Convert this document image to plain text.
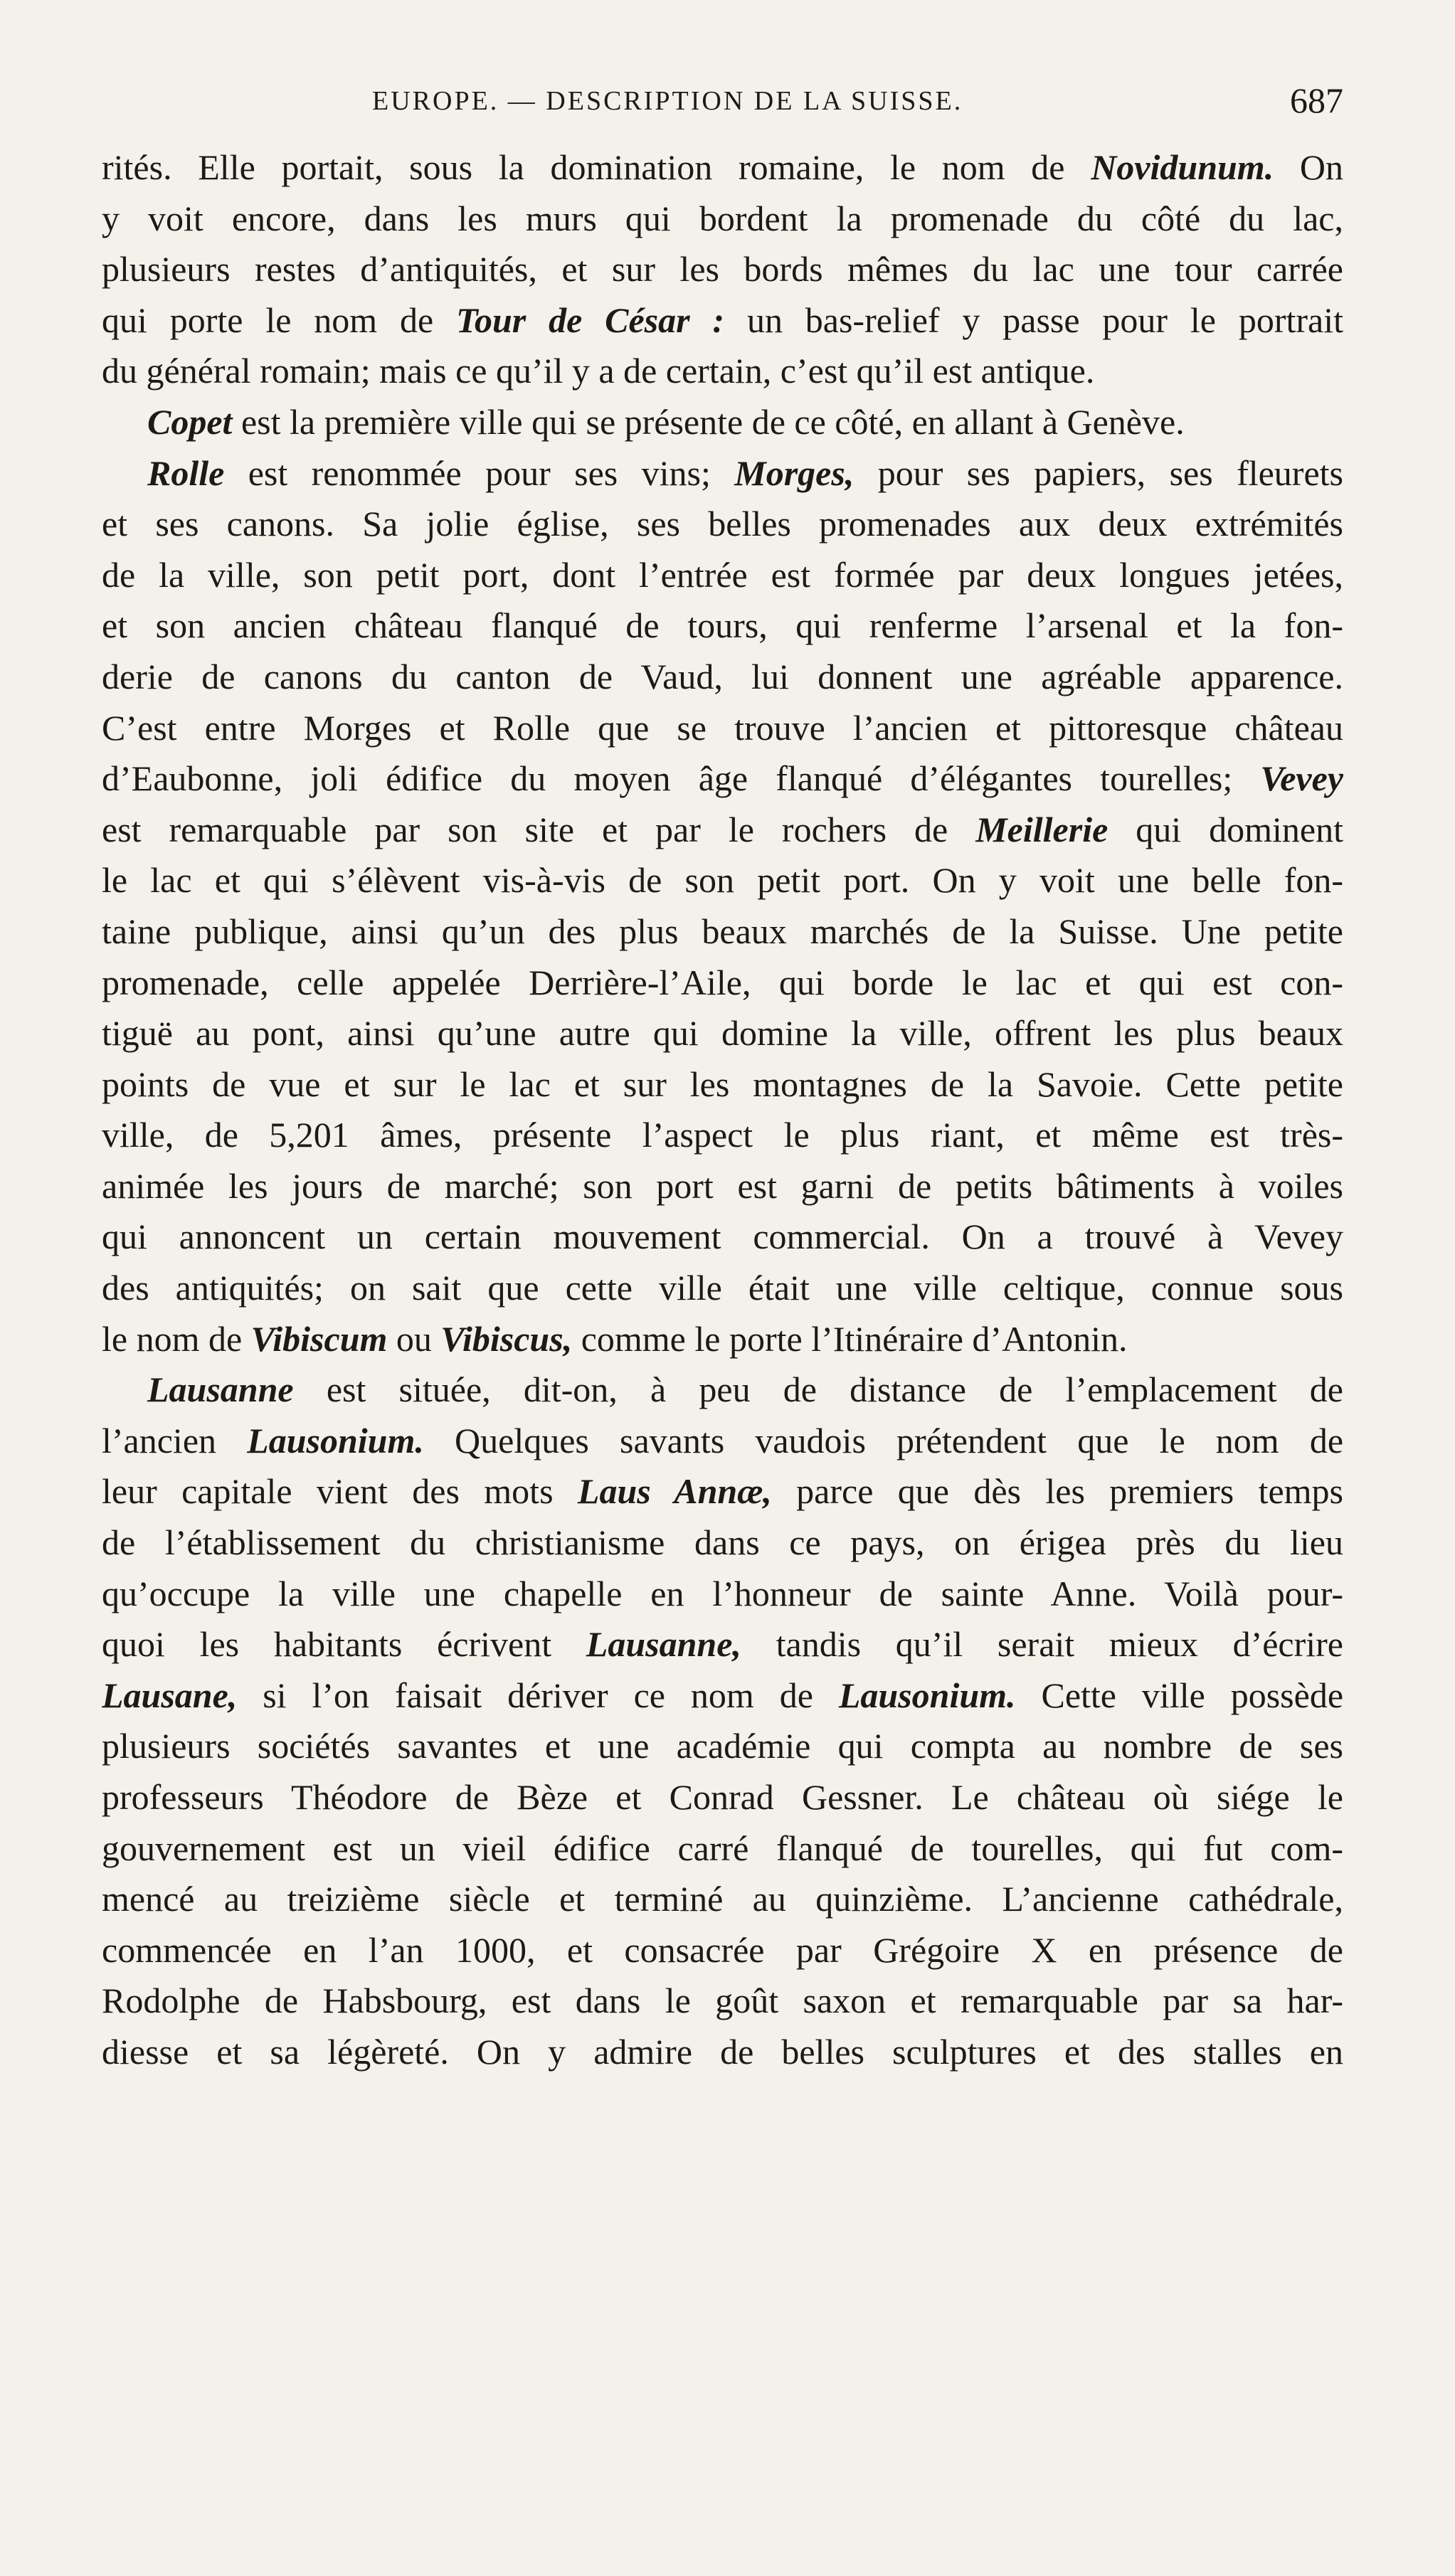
EUROPE. — DESCRIPTION DE LA SUISSE.	687
rités. Elle portait, sous la domination romaine, le nom de Novidunum. On
y voit encore, dans les murs qui bordent la promenade du côté du lac,
plusieurs restes d’antiquités, et sur les bords mêmes du lac une tour carrée
qui porte le nom de Tour de César : un bas-relief y passe pour le portrait
du général romain; mais ce qu’il y a de certain, c’est qu’il est antique.
Copet est la première ville qui se présente de ce côté, en allant à Genève.
Rolle est renommée pour ses vins; Morges, pour ses papiers, ses fleurets
et ses canons. Sa jolie église, ses belles promenades aux deux extrémités
de la ville, son petit port, dont l’entrée est formée par deux longues jetées,
et son ancien château flanqué de tours, qui renferme l’arsenal et la fon-
derie de canons du canton de Vaud, lui donnent une agréable apparence.
C’est entre Morges et Rolle que se trouve l’ancien et pittoresque château
d’Eaubonne, joli édifice du moyen âge flanqué d’élégantes tourelles; Vevey
est remarquable par son site et par le rochers de Meillerie qui dominent
le lac et qui s’élèvent vis-à-vis de son petit port. On y voit une belle fon-
taine publique, ainsi qu’un des plus beaux marchés de la Suisse. Une petite
promenade, celle appelée Derrière-l’Aile, qui borde le lac et qui est con-
tiguë au pont, ainsi qu’une autre qui domine la ville, offrent les plus beaux
points de vue et sur le lac et sur les montagnes de la Savoie. Cette petite
ville, de 5,201 âmes, présente l’aspect le plus riant, et même est très-
animée les jours de marché; son port est garni de petits bâtiments à voiles
qui annoncent un certain mouvement commercial. On a trouvé à Vevey
des antiquités; on sait que cette ville était une ville celtique, connue sous
le nom de Vibiscum ou Vibiscus, comme le porte l’Itinéraire d’Antonin.
Lausanne est située, dit-on, à peu de distance de l’emplacement de
l’ancien Lausonium. Quelques savants vaudois prétendent que le nom de
leur capitale vient des mots Laus Annæ, parce que dès les premiers temps
de l’établissement du christianisme dans ce pays, on érigea près du lieu
qu’occupe la ville une chapelle en l’honneur de sainte Anne. Voilà pour-
quoi les habitants écrivent Lausanne, tandis qu’il serait mieux d’écrire
Lausane, si l’on faisait dériver ce nom de Lausonium. Cette ville possède
plusieurs sociétés savantes et une académie qui compta au nombre de ses
professeurs Théodore de Bèze et Conrad Gessner. Le château où siége le
gouvernement est un vieil édifice carré flanqué de tourelles, qui fut com-
mencé au treizième siècle et terminé au quinzième. L’ancienne cathédrale,
commencée en l’an 1000, et consacrée par Grégoire X en présence de
Rodolphe de Habsbourg, est dans le goût saxon et remarquable par sa har-
diesse et sa légèreté. On y admire de belles sculptures et des stalles en
